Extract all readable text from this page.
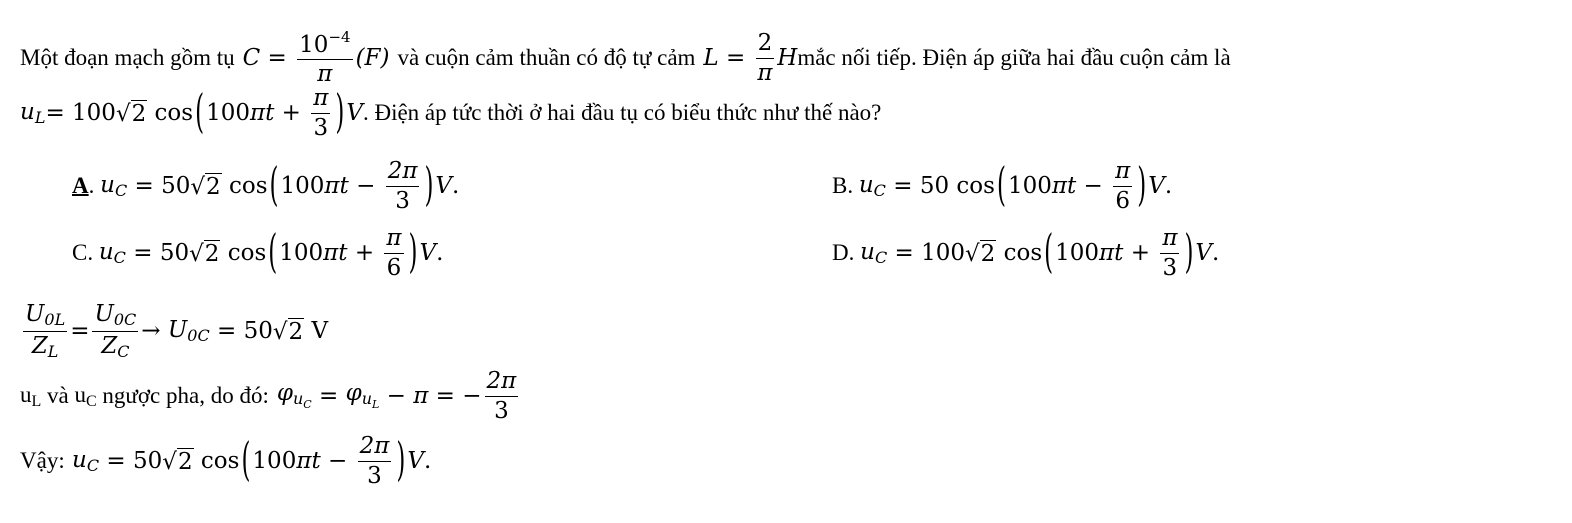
Một đoạn mạch gồm tụ $C = \frac{10^{-4}}{\pi} (F)$ và cuộn cảm thuần có độ tự cảm $L = \frac{2}{\pi}$ H mắc nối tiếp. Điện áp giữa hai đầu cuộn cảm là
$u_L = 100$ √ 2 cos ( 100 $\pi t + \frac{\pi}{3}$ ) V . Điện áp tức thời ở hai đầu tụ có biểu thức như thế nào?
A . $u_C = 50$ √ 2 cos ( 100 $\pi t - \frac{2\pi}{3}$ ) V .	B . $u_C = 50$ cos ( 100 $\pi t - \frac{\pi}{6}$ ) V .
C . $u_C = 50$ √ 2 cos ( 100 $\pi t + \frac{\pi}{6}$ ) V .	D . $u_C = 100$ √ 2 cos ( 100 $\pi t + \frac{\pi}{3}$ ) V .
$\frac{U_{0L}}{Z_L} = \frac{U_{0C}}{Z_C} \to U_{0C} = 50$ √ 2
V
$u_L$
và
$u_C$
ngược pha, do đó: $\varphi_{u_C} = \varphi_{u_L} - \pi$ = − $\frac{2\pi}{3}$
Vậy:
$u_C = 50$ √ 2 cos ( 100 $\pi t - \frac{2\pi}{3}$ ) V .
